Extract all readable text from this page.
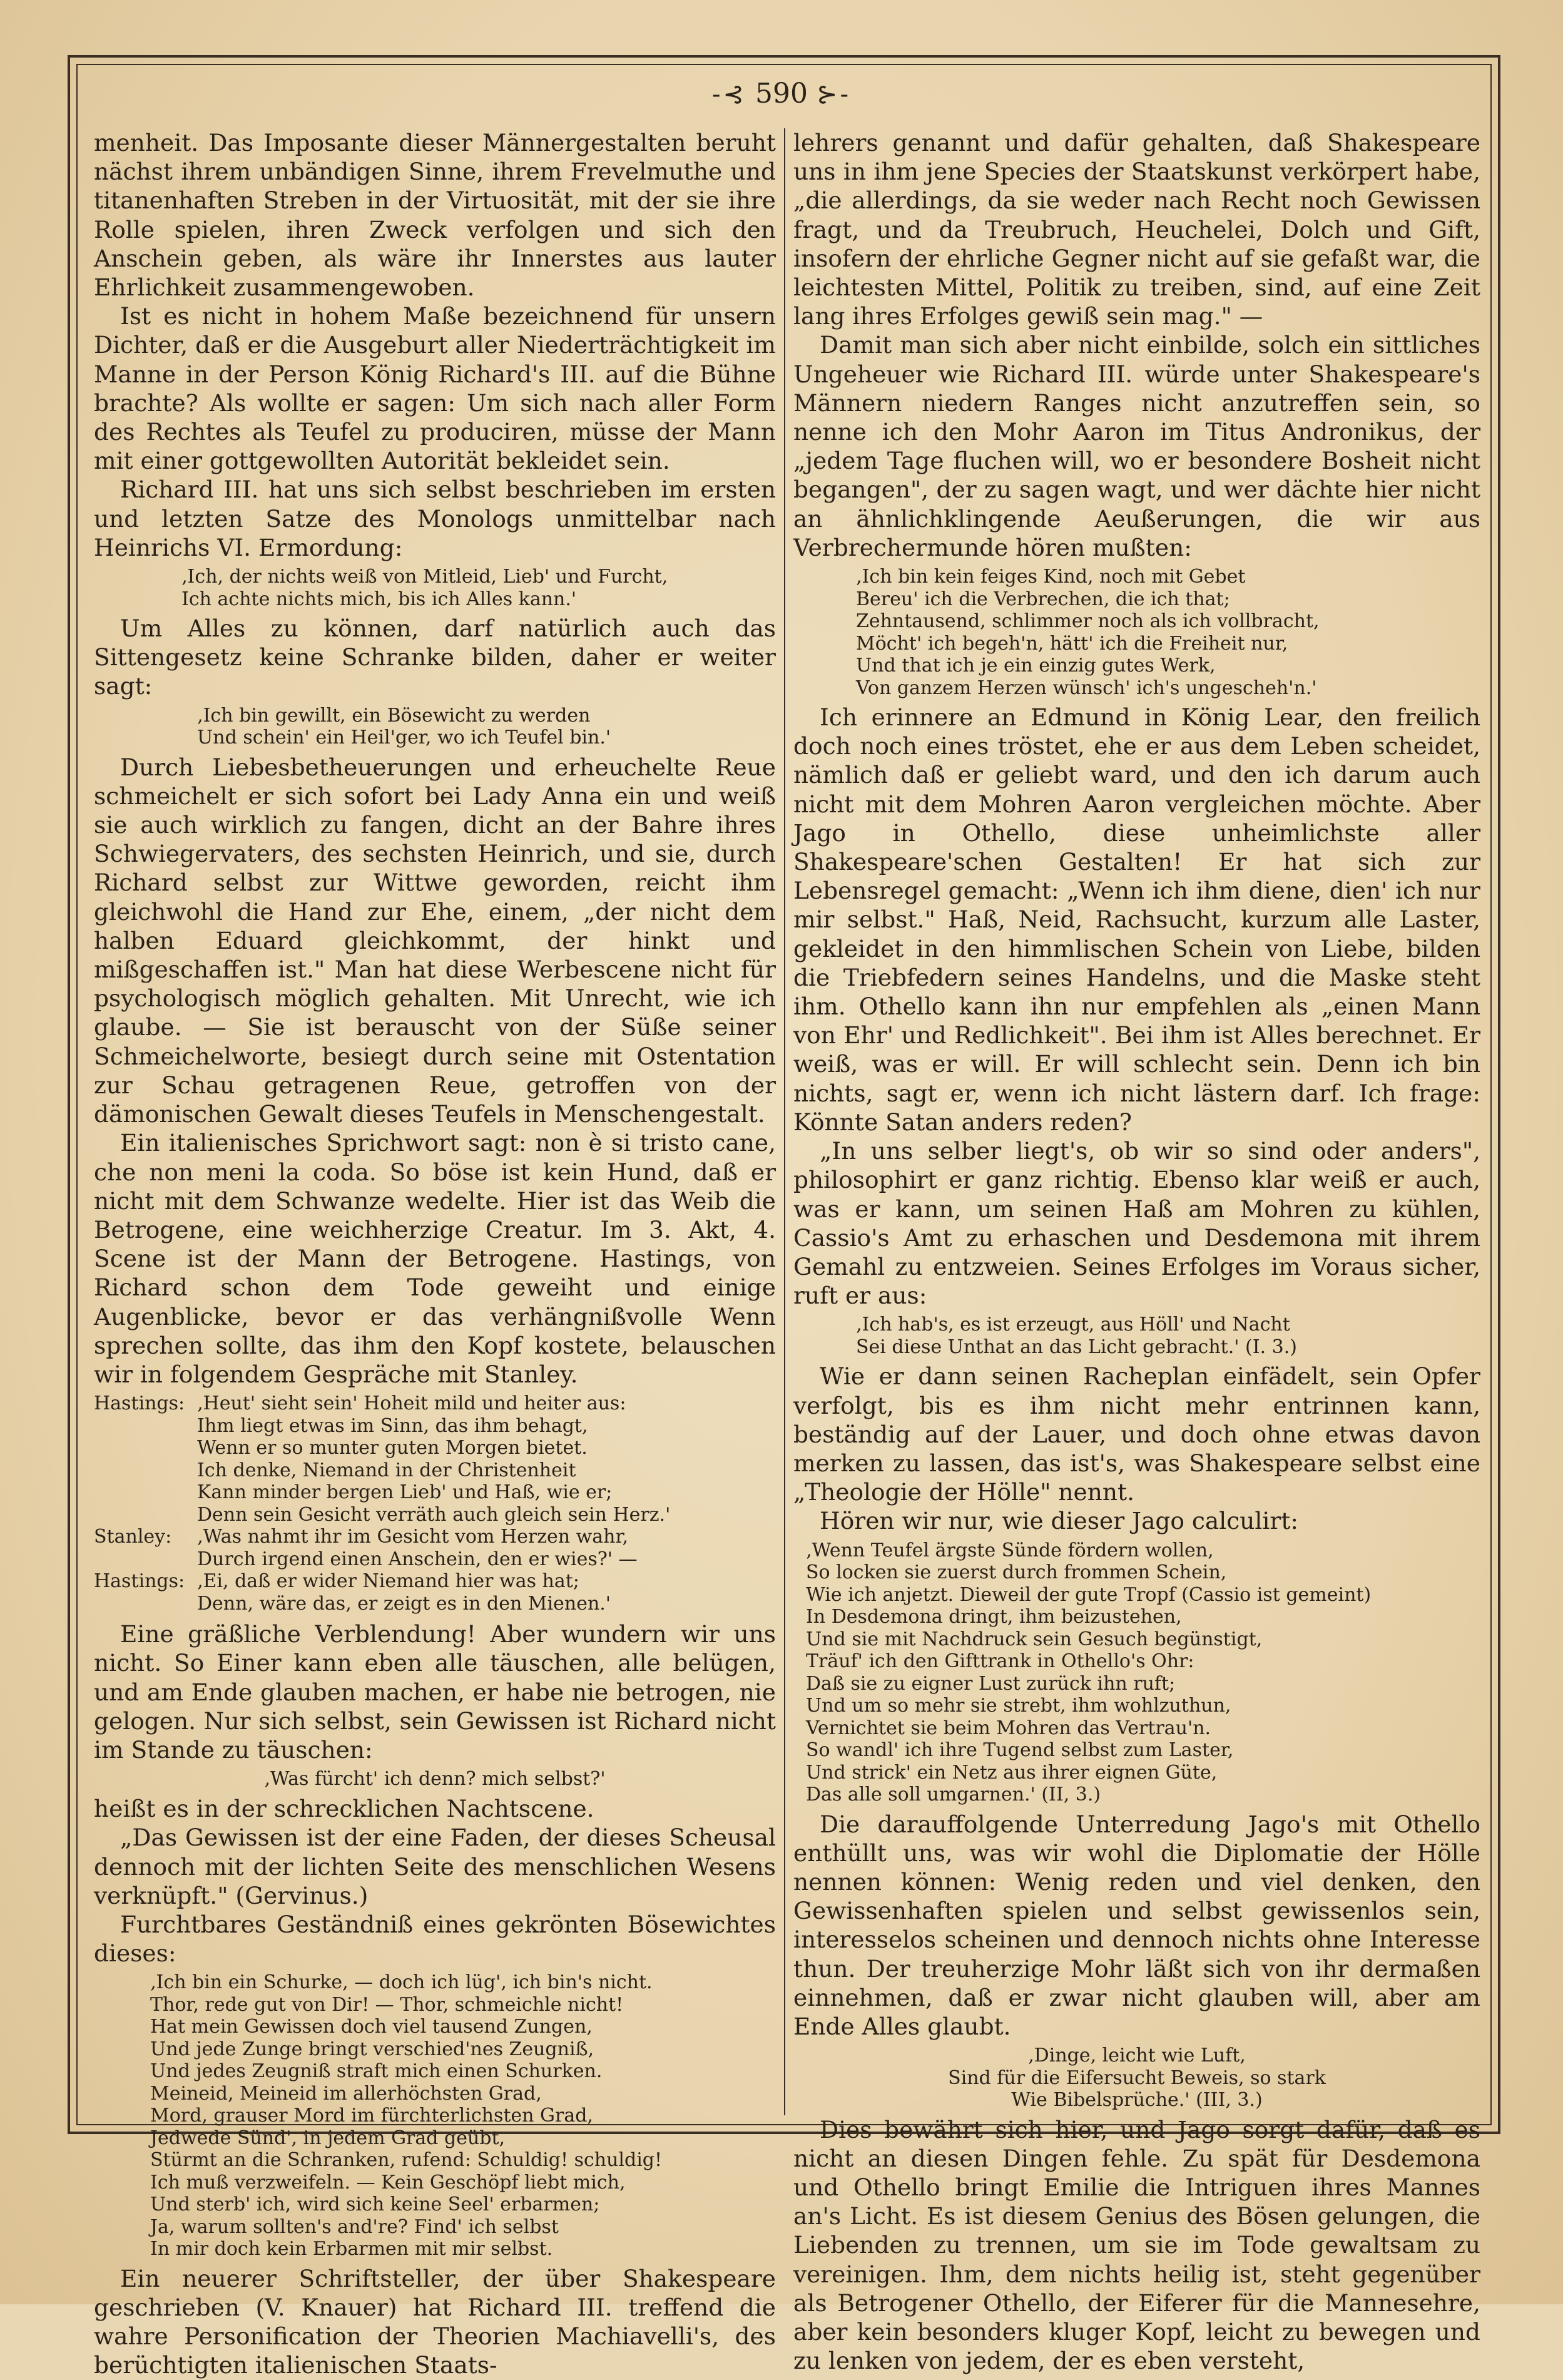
-⊰ 590 ⊱-

menheit. Das Imposante dieser Männergestalten beruht nächst ihrem unbändigen Sinne, ihrem Frevelmuthe und titanenhaften Streben in der Virtuosität, mit der sie ihre Rolle spielen, ihren Zweck verfolgen und sich den Anschein geben, als wäre ihr Innerstes aus lauter Ehrlichkeit zusammengewoben.

Ist es nicht in hohem Maße bezeichnend für unsern Dichter, daß er die Ausgeburt aller Niederträchtigkeit im Manne in der Person König Richard's III. auf die Bühne brachte? Als wollte er sagen: Um sich nach aller Form des Rechtes als Teufel zu produciren, müsse der Mann mit einer gottgewollten Autorität bekleidet sein.

Richard III. hat uns sich selbst beschrieben im ersten und letzten Satze des Monologs unmittelbar nach Heinrichs VI. Ermordung:

‚Ich, der nichts weiß von Mitleid, Lieb' und Furcht,
Ich achte nichts mich, bis ich Alles kann.'

Um Alles zu können, darf natürlich auch das Sittengesetz keine Schranke bilden, daher er weiter sagt:

‚Ich bin gewillt, ein Bösewicht zu werden
Und schein' ein Heil'ger, wo ich Teufel bin.'

Durch Liebesbetheuerungen und erheuchelte Reue schmeichelt er sich sofort bei Lady Anna ein und weiß sie auch wirklich zu fangen, dicht an der Bahre ihres Schwiegervaters, des sechsten Heinrich, und sie, durch Richard selbst zur Wittwe geworden, reicht ihm gleichwohl die Hand zur Ehe, einem, „der nicht dem halben Eduard gleichkommt, der hinkt und mißgeschaffen ist." Man hat diese Werbescene nicht für psychologisch möglich gehalten. Mit Unrecht, wie ich glaube. — Sie ist berauscht von der Süße seiner Schmeichelworte, besiegt durch seine mit Ostentation zur Schau getragenen Reue, getroffen von der dämonischen Gewalt dieses Teufels in Menschengestalt.

Ein italienisches Sprichwort sagt: non è si tristo cane, che non meni la coda. So böse ist kein Hund, daß er nicht mit dem Schwanze wedelte. Hier ist das Weib die Betrogene, eine weichherzige Creatur. Im 3. Akt, 4. Scene ist der Mann der Betrogene. Hastings, von Richard schon dem Tode geweiht und einige Augenblicke, bevor er das verhängnißvolle Wenn sprechen sollte, das ihm den Kopf kostete, belauschen wir in folgendem Gespräche mit Stanley.

Hastings: ‚Heut' sieht sein' Hoheit mild und heiter aus:
Ihm liegt etwas im Sinn, das ihm behagt,
Wenn er so munter guten Morgen bietet.
Ich denke, Niemand in der Christenheit
Kann minder bergen Lieb' und Haß, wie er;
Denn sein Gesicht verräth auch gleich sein Herz.'
Stanley:	‚Was nahmt ihr im Gesicht vom Herzen wahr,
Durch irgend einen Anschein, den er wies?' —
Hastings: ‚Ei, daß er wider Niemand hier was hat;
Denn, wäre das, er zeigt es in den Mienen.'

Eine gräßliche Verblendung! Aber wundern wir uns nicht. So Einer kann eben alle täuschen, alle belügen, und am Ende glauben machen, er habe nie betrogen, nie gelogen. Nur sich selbst, sein Gewissen ist Richard nicht im Stande zu täuschen:

‚Was fürcht' ich denn? mich selbst?'

heißt es in der schrecklichen Nachtscene.

„Das Gewissen ist der eine Faden, der dieses Scheusal dennoch mit der lichten Seite des menschlichen Wesens verknüpft." (Gervinus.)

Furchtbares Geständniß eines gekrönten Bösewichtes dieses:

‚Ich bin ein Schurke, — doch ich lüg', ich bin's nicht.
Thor, rede gut von Dir! — Thor, schmeichle nicht!
Hat mein Gewissen doch viel tausend Zungen,
Und jede Zunge bringt verschied'nes Zeugniß,
Und jedes Zeugniß straft mich einen Schurken.
Meineid, Meineid im allerhöchsten Grad,
Mord, grauser Mord im fürchterlichsten Grad,
Jedwede Sünd', in jedem Grad geübt,
Stürmt an die Schranken, rufend: Schuldig! schuldig!
Ich muß verzweifeln. — Kein Geschöpf liebt mich,
Und sterb' ich, wird sich keine Seel' erbarmen;
Ja, warum sollten's and're? Find' ich selbst
In mir doch kein Erbarmen mit mir selbst.

Ein neuerer Schriftsteller, der über Shakespeare geschrieben (V. Knauer) hat Richard III. treffend die wahre Personification der Theorien Machiavelli's, des berüchtigten italienischen Staats-

lehrers genannt und dafür gehalten, daß Shakespeare uns in ihm jene Species der Staatskunst verkörpert habe, „die allerdings, da sie weder nach Recht noch Gewissen fragt, und da Treubruch, Heuchelei, Dolch und Gift, insofern der ehrliche Gegner nicht auf sie gefaßt war, die leichtesten Mittel, Politik zu treiben, sind, auf eine Zeit lang ihres Erfolges gewiß sein mag." —

Damit man sich aber nicht einbilde, solch ein sittliches Ungeheuer wie Richard III. würde unter Shakespeare's Männern niedern Ranges nicht anzutreffen sein, so nenne ich den Mohr Aaron im Titus Andronikus, der „jedem Tage fluchen will, wo er besondere Bosheit nicht begangen", der zu sagen wagt, und wer dächte hier nicht an ähnlichklingende Aeußerungen, die wir aus Verbrechermunde hören mußten:

‚Ich bin kein feiges Kind, noch mit Gebet
Bereu' ich die Verbrechen, die ich that;
Zehntausend, schlimmer noch als ich vollbracht,
Möcht' ich begeh'n, hätt' ich die Freiheit nur,
Und that ich je ein einzig gutes Werk,
Von ganzem Herzen wünsch' ich's ungescheh'n.'

Ich erinnere an Edmund in König Lear, den freilich doch noch eines tröstet, ehe er aus dem Leben scheidet, nämlich daß er geliebt ward, und den ich darum auch nicht mit dem Mohren Aaron vergleichen möchte. Aber Jago in Othello, diese unheimlichste aller Shakespeare'schen Gestalten! Er hat sich zur Lebensregel gemacht: „Wenn ich ihm diene, dien' ich nur mir selbst." Haß, Neid, Rachsucht, kurzum alle Laster, gekleidet in den himmlischen Schein von Liebe, bilden die Triebfedern seines Handelns, und die Maske steht ihm. Othello kann ihn nur empfehlen als „einen Mann von Ehr' und Redlichkeit". Bei ihm ist Alles berechnet. Er weiß, was er will. Er will schlecht sein. Denn ich bin nichts, sagt er, wenn ich nicht lästern darf. Ich frage: Könnte Satan anders reden?

„In uns selber liegt's, ob wir so sind oder anders", philosophirt er ganz richtig. Ebenso klar weiß er auch, was er kann, um seinen Haß am Mohren zu kühlen, Cassio's Amt zu erhaschen und Desdemona mit ihrem Gemahl zu entzweien. Seines Erfolges im Voraus sicher, ruft er aus:

‚Ich hab's, es ist erzeugt, aus Höll' und Nacht
Sei diese Unthat an das Licht gebracht.' (I. 3.)

Wie er dann seinen Racheplan einfädelt, sein Opfer verfolgt, bis es ihm nicht mehr entrinnen kann, beständig auf der Lauer, und doch ohne etwas davon merken zu lassen, das ist's, was Shakespeare selbst eine „Theologie der Hölle" nennt.

Hören wir nur, wie dieser Jago calculirt:

‚Wenn Teufel ärgste Sünde fördern wollen,
So locken sie zuerst durch frommen Schein,
Wie ich anjetzt. Dieweil der gute Tropf (Cassio ist gemeint)
In Desdemona dringt, ihm beizustehen,
Und sie mit Nachdruck sein Gesuch begünstigt,
Träuf' ich den Gifttrank in Othello's Ohr:
Daß sie zu eigner Lust zurück ihn ruft;
Und um so mehr sie strebt, ihm wohlzuthun,
Vernichtet sie beim Mohren das Vertrau'n.
So wandl' ich ihre Tugend selbst zum Laster,
Und strick' ein Netz aus ihrer eignen Güte,
Das alle soll umgarnen.' (II, 3.)

Die darauffolgende Unterredung Jago's mit Othello enthüllt uns, was wir wohl die Diplomatie der Hölle nennen können: Wenig reden und viel denken, den Gewissenhaften spielen und selbst gewissenlos sein, interesselos scheinen und dennoch nichts ohne Interesse thun. Der treuherzige Mohr läßt sich von ihr dermaßen einnehmen, daß er zwar nicht glauben will, aber am Ende Alles glaubt.

‚Dinge, leicht wie Luft,
Sind für die Eifersucht Beweis, so stark
Wie Bibelsprüche.' (III, 3.)

Dies bewährt sich hier, und Jago sorgt dafür, daß es nicht an diesen Dingen fehle. Zu spät für Desdemona und Othello bringt Emilie die Intriguen ihres Mannes an's Licht. Es ist diesem Genius des Bösen gelungen, die Liebenden zu trennen, um sie im Tode gewaltsam zu vereinigen. Ihm, dem nichts heilig ist, steht gegenüber als Betrogener Othello, der Eiferer für die Mannesehre, aber kein besonders kluger Kopf, leicht zu bewegen und zu lenken von jedem, der es eben versteht,
